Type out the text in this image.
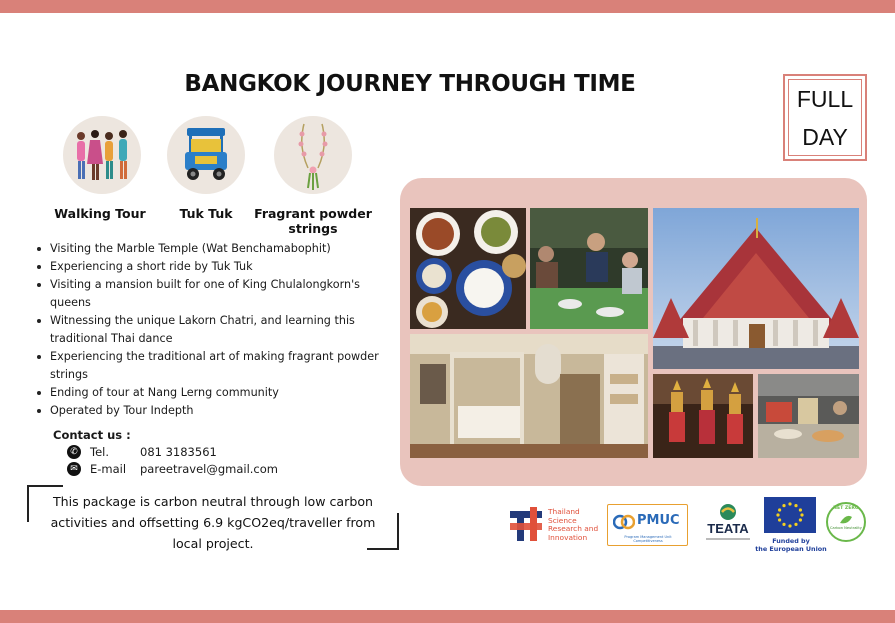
BANGKOK JOURNEY THROUGH TIME
FULL
DAY
Walking Tour	Tuk Tuk	Fragrant powder strings
Visiting the Marble Temple (Wat Benchamabophit)
Experiencing a short ride by Tuk Tuk
Visiting a mansion built for one of King Chulalongkorn's queens
Witnessing the unique Lakorn Chatri, and learning this traditional Thai dance
Experiencing the traditional art of making fragrant powder strings
Ending of tour at Nang Lerng community
Operated by Tour Indepth
Contact us :
✆ Tel.	081 3183561
✉ E-mail	pareetravel@gmail.com
This package is carbon neutral through low carbon activities and offsetting 6.9 kgCO2eq/traveller from local project.
Thailand
Science
Research and
Innovation
PMUC
Program Management Unit Competitiveness
TEATA
Funded by
the European Union
NET ZERO
Carbon Neutrality
